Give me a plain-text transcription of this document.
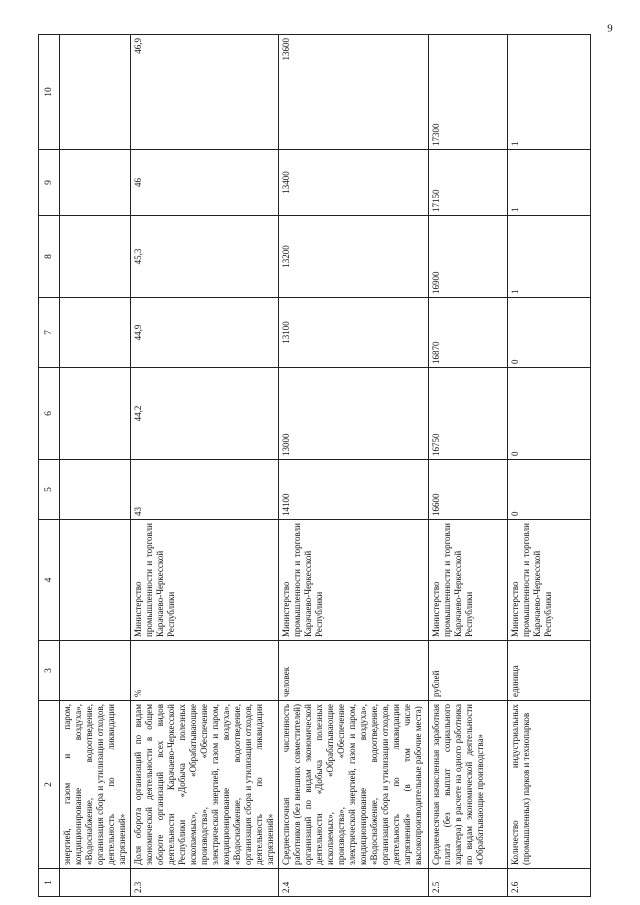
9
1	2	3	4	5	6	7	8	9	10
	энергией, газом и паром, кондиционирование воздуха», «Водоснабжение, водоотведение, организация сбора и утилизации отходов, деятельность по ликвидации загрязнений»								
2.3	Доля оборота организаций по видам экономической деятельности в общем обороте организаций всех видов деятельности Карачаево-Черкесской Республики «Добыча полезных ископаемых», «Обрабатывающие производства», «Обеспечение электрической энергией, газом и паром, кондиционирование воздуха», «Водоснабжение, водоотведение, организация сбора и утилизации отходов, деятельность по ликвидации загрязнений»	%	Министерство промышленности и торговли Карачаево-Черкесской Республики	43	44,2	44,9	45,3	46	46,9
2.4	Среднесписочная численность работников (без внешних совместителей) организаций по видам экономической деятельности «Добыча полезных ископаемых», «Обрабатывающие производства», «Обеспечение электрической энергией, газом и паром, кондиционирование воздуха», «Водоснабжение, водоотведение, организация сбора и утилизации отходов, деятельность по ликвидации загрязнений» (в том числе высокопроизводительные рабочие места)	человек	Министерство промышленности и торговли Карачаево-Черкесской Республики	14100	13000	13100	13200	13400	13600
2.5	Среднемесячная начисленная заработная плата (без выплат социального характера) в расчете на одного работника по видам экономической деятельности «Обрабатывающие производства»	рублей	Министерство промышленности и торговли Карачаево-Черкесской Республики	16600	16750	16870	16900	17150	17300
2.6	Количество индустриальных (промышленных) парков и технопарков	единица	Министерство промышленности и торговли Карачаево-Черкесской Республики	0	0	0	1	1	1
